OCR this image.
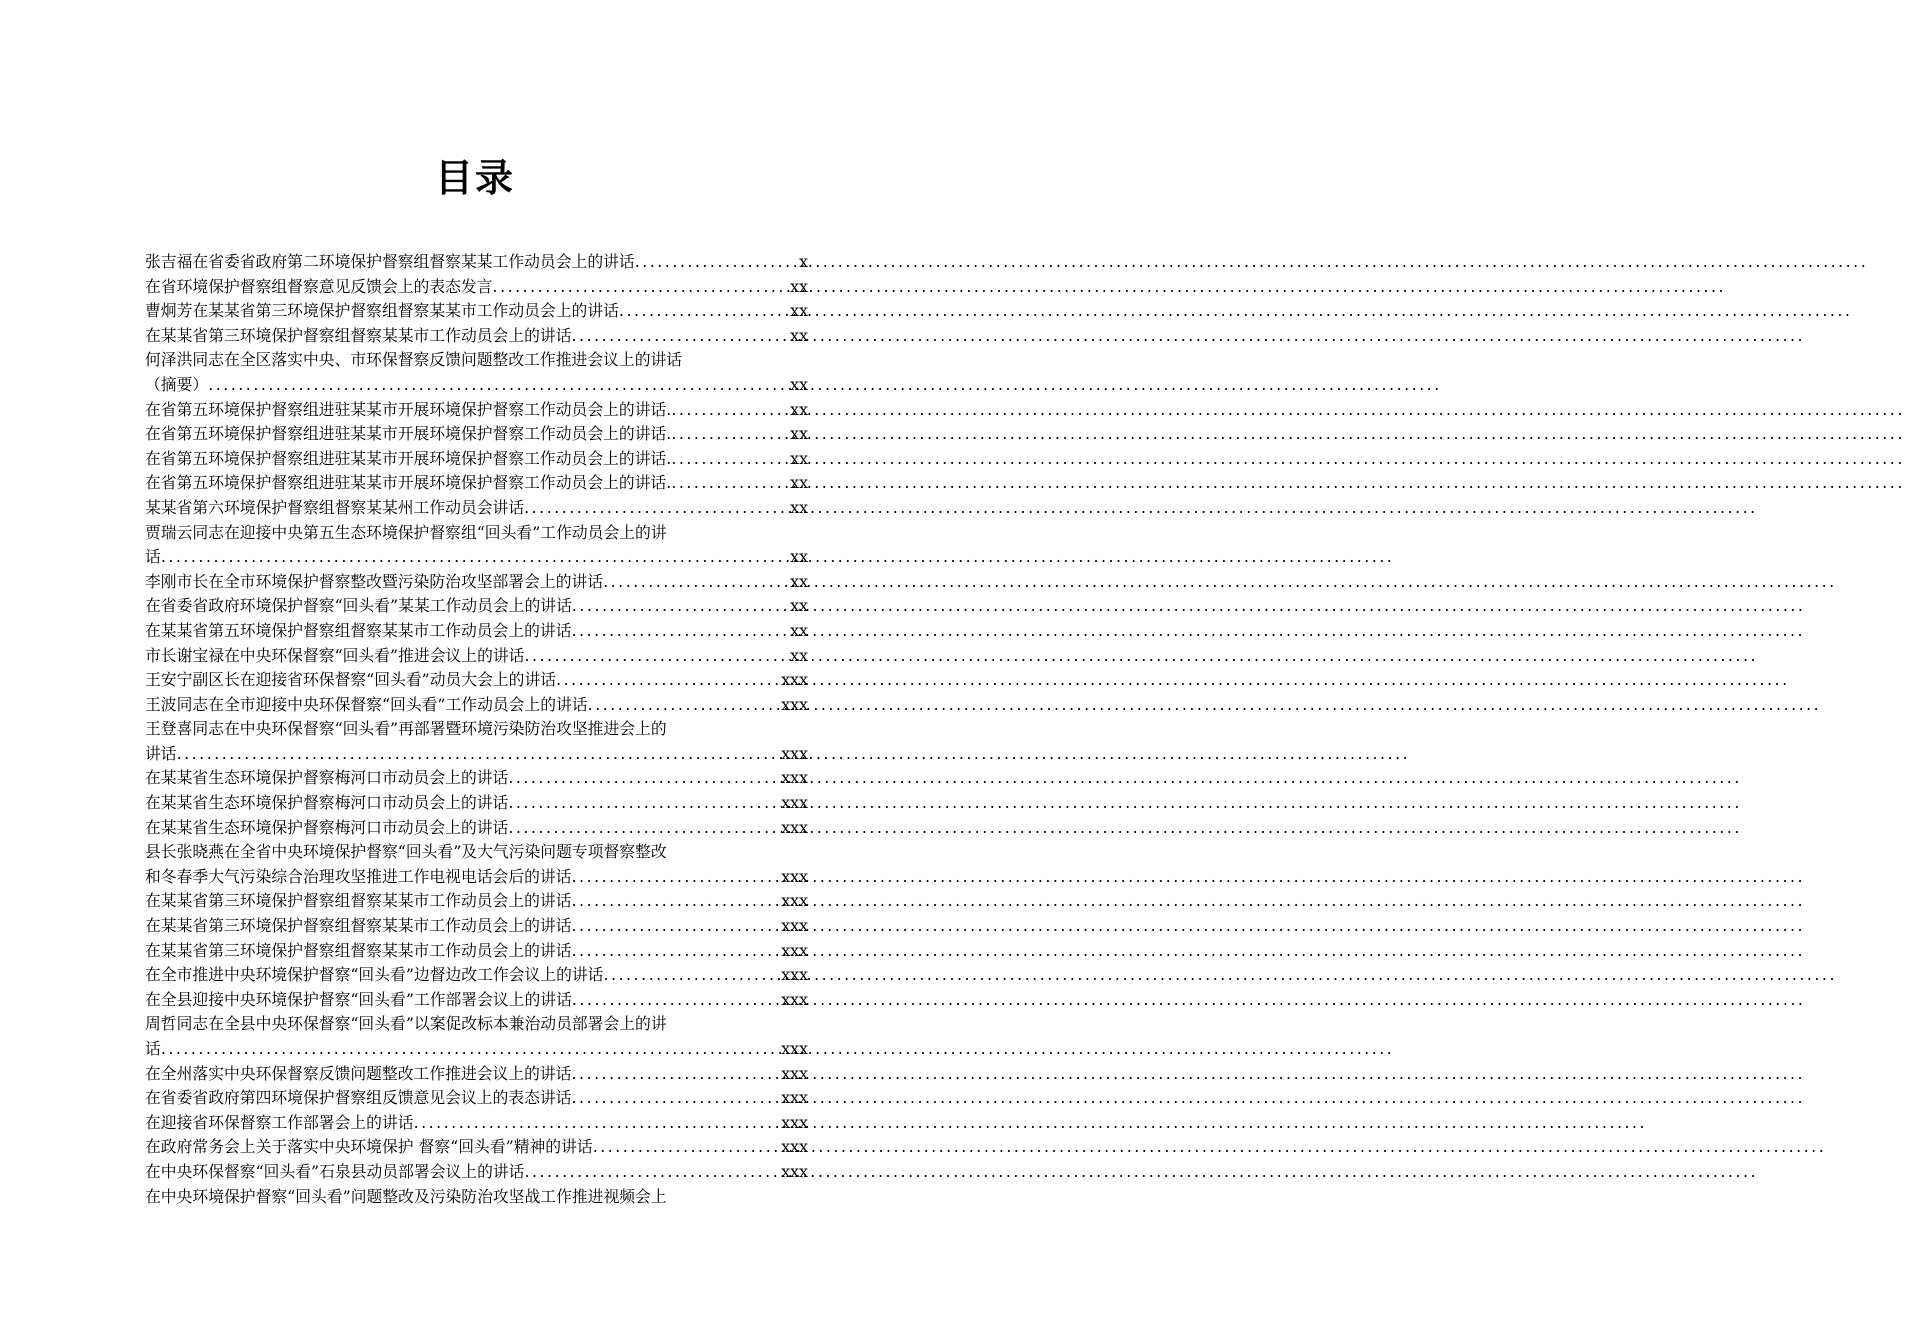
目录
张吉福在省委省政府第二环境保护督察组督察某某工作动员会上的讲话 .....	x
在省环境保护督察组督察意见反馈会上的表态发言 .....	xx
曹炯芳在某某省第三环境保护督察组督察某某市工作动员会上的讲话 .....	xx
在某某省第三环境保护督察组督察某某市工作动员会上的讲话 .....	xx
何泽洪同志在全区落实中央、市环保督察反馈问题整改工作推进会议上的讲话
（摘要） .....	xx
在省第五环境保护督察组进驻某某市开展环境保护督察工作动员会上的讲话. .....	xx
在省第五环境保护督察组进驻某某市开展环境保护督察工作动员会上的讲话. .....	xx
在省第五环境保护督察组进驻某某市开展环境保护督察工作动员会上的讲话. .....	xx
在省第五环境保护督察组进驻某某市开展环境保护督察工作动员会上的讲话. .....	xx
某某省第六环境保护督察组督察某某州工作动员会讲话 .....	xx
贾瑞云同志在迎接中央第五生态环境保护督察组“回头看”工作动员会上的讲
话 .....	xx
李刚市长在全市环境保护督察整改暨污染防治攻坚部署会上的讲话 .....	xx
在省委省政府环境保护督察“回头看”某某工作动员会上的讲话 .....	xx
在某某省第五环境保护督察组督察某某市工作动员会上的讲话 .....	xx
市长谢宝禄在中央环保督察“回头看”推进会议上的讲话 .....	xx
王安宁副区长在迎接省环保督察“回头看”动员大会上的讲话 .....	xxx
王波同志在全市迎接中央环保督察“回头看”工作动员会上的讲话 .....	xxx
王登喜同志在中央环保督察“回头看”再部署暨环境污染防治攻坚推进会上的
讲话 .....	xxx
在某某省生态环境保护督察梅河口市动员会上的讲话 .....	xxx
在某某省生态环境保护督察梅河口市动员会上的讲话 .....	xxx
在某某省生态环境保护督察梅河口市动员会上的讲话 .....	xxx
县长张晓燕在全省中央环境保护督察“回头看”及大气污染问题专项督察整改
和冬春季大气污染综合治理攻坚推进工作电视电话会后的讲话 .....	xxx
在某某省第三环境保护督察组督察某某市工作动员会上的讲话 .....	xxx
在某某省第三环境保护督察组督察某某市工作动员会上的讲话 .....	xxx
在某某省第三环境保护督察组督察某某市工作动员会上的讲话 .....	xxx
在全市推进中央环境保护督察“回头看”边督边改工作会议上的讲话 .....	xxx
在全县迎接中央环境保护督察“回头看”工作部署会议上的讲话 .....	xxx
周哲同志在全县中央环保督察“回头看”以案促改标本兼治动员部署会上的讲
话 .....	xxx
在全州落实中央环保督察反馈问题整改工作推进会议上的讲话 .....	xxx
在省委省政府第四环境保护督察组反馈意见会议上的表态讲话 .....	xxx
在迎接省环保督察工作部署会上的讲话 .....	xxx
在政府常务会上关于落实中央环境保护 督察“回头看”精神的讲话 .....	xxx
在中央环保督察“回头看”石泉县动员部署会议上的讲话 .....	xxx
在中央环境保护督察“回头看”问题整改及污染防治攻坚战工作推进视频会上
